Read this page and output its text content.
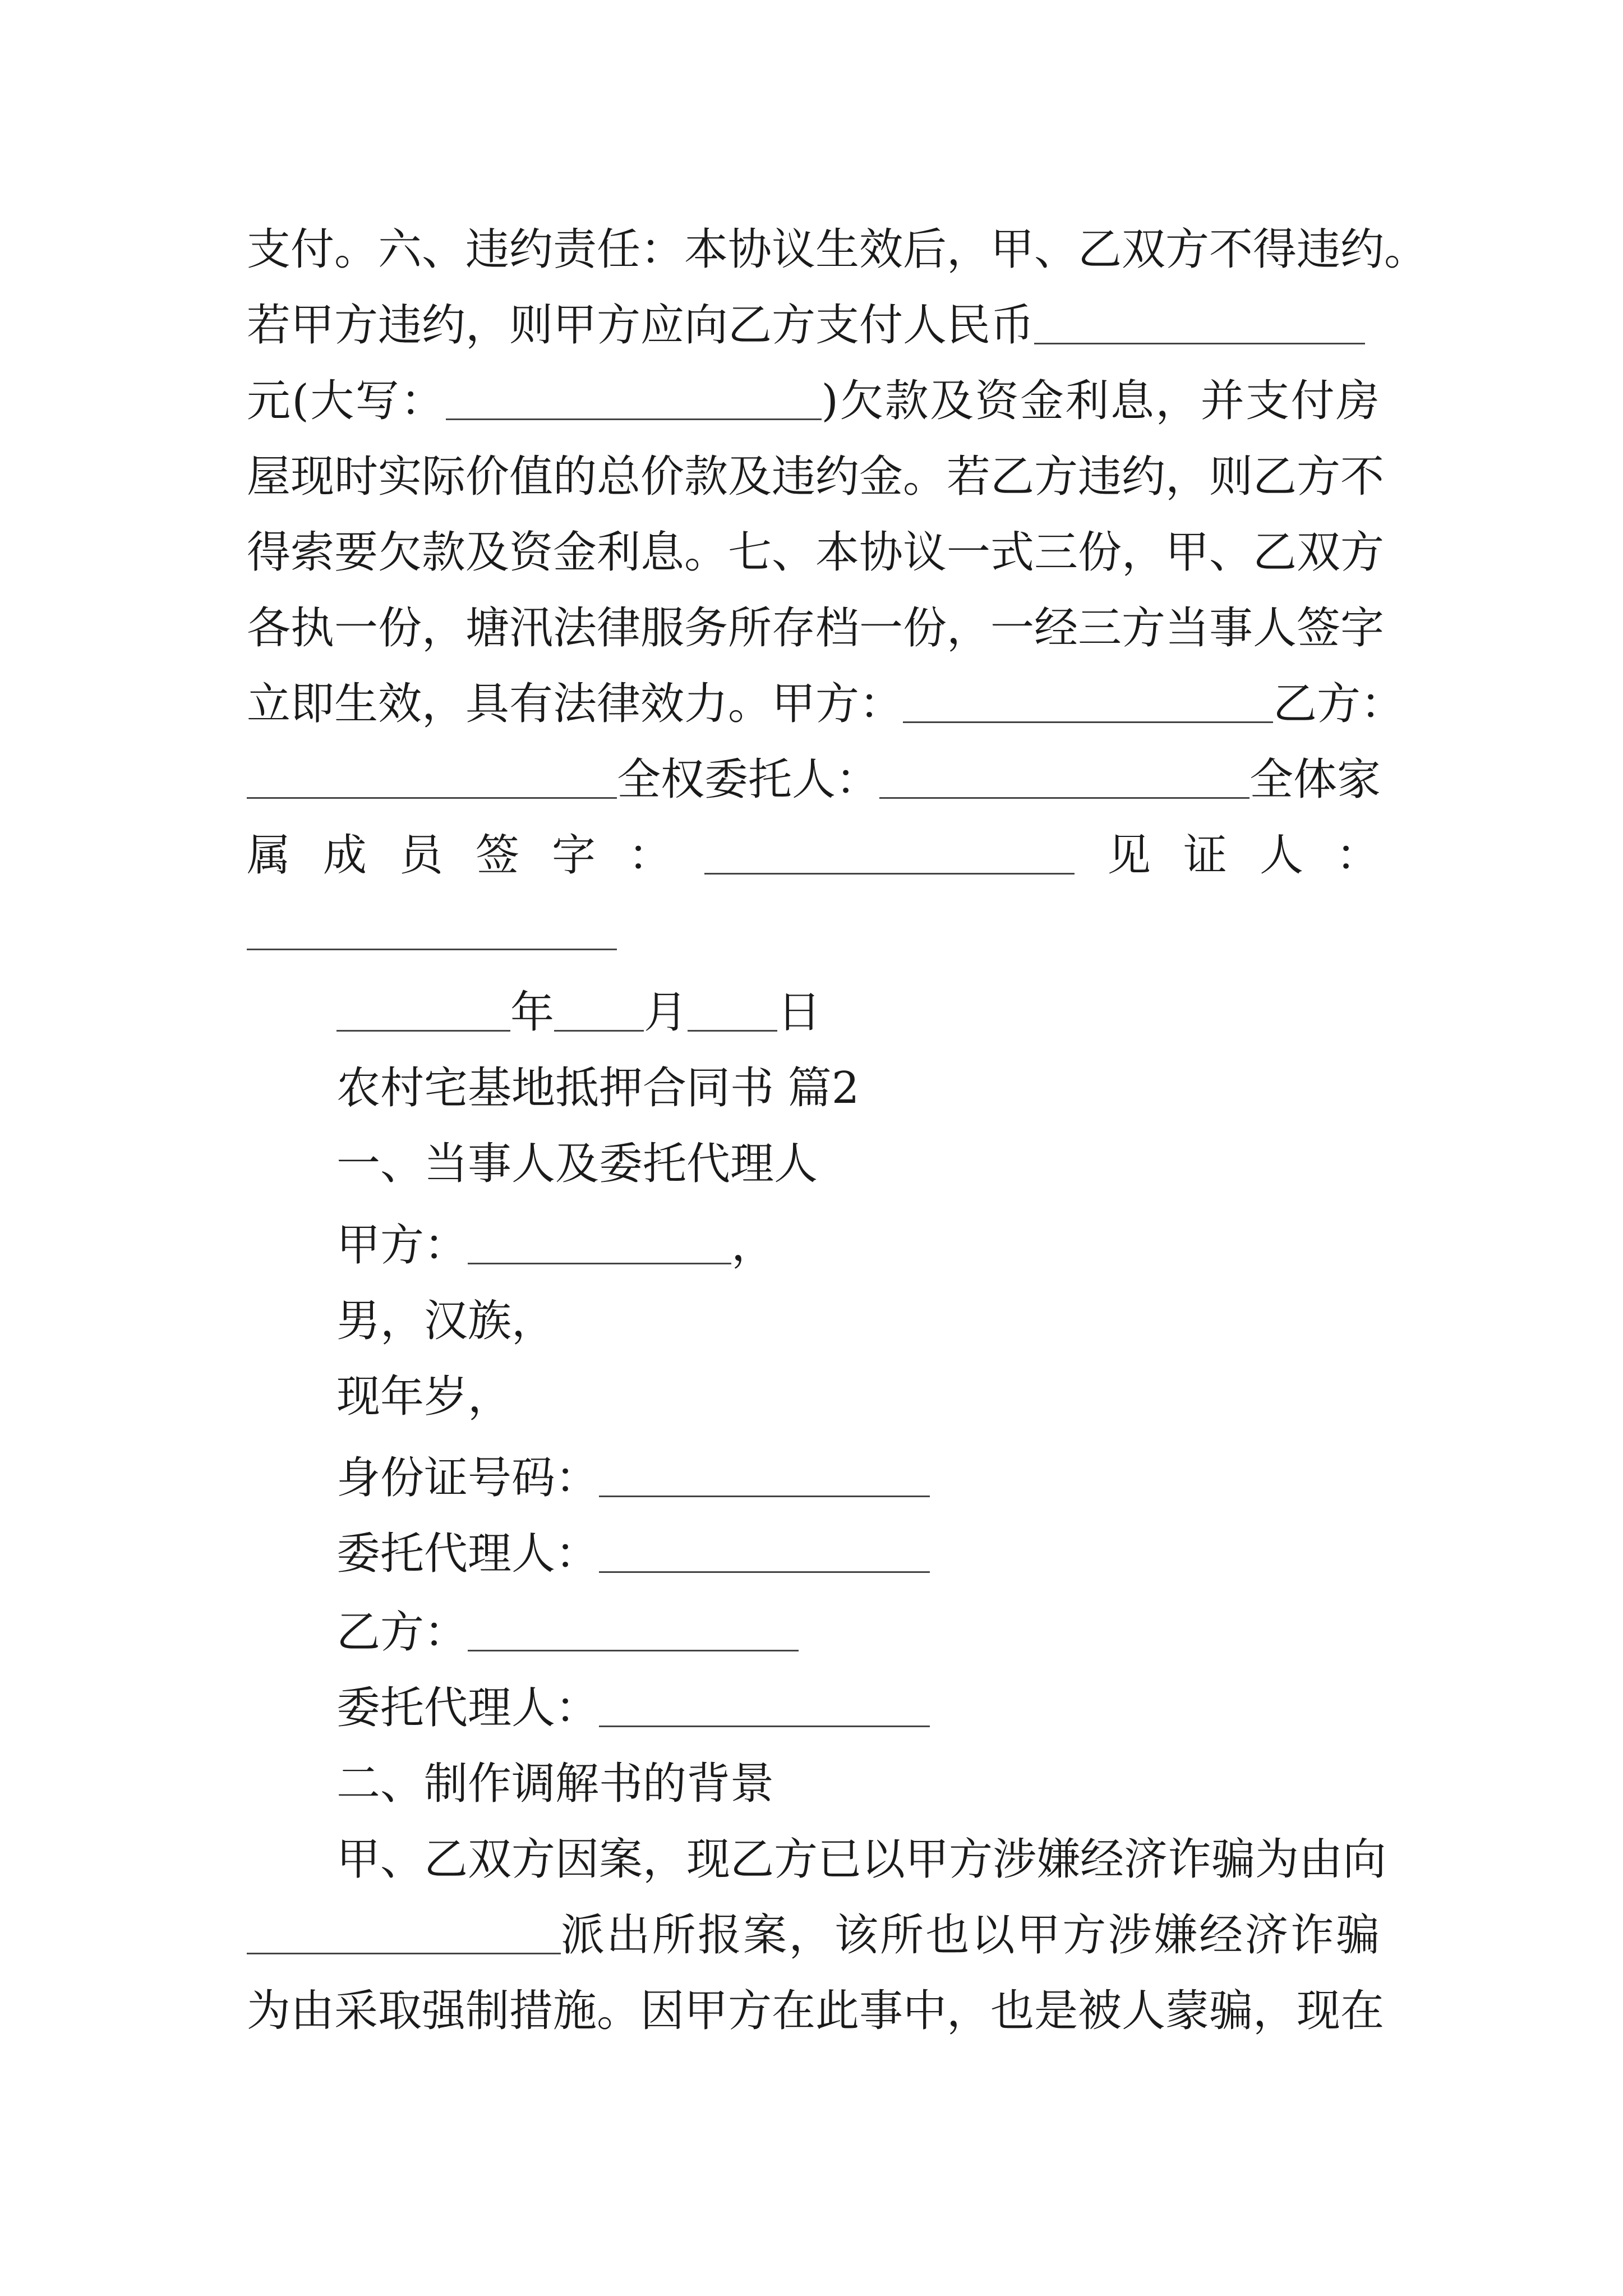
支付。六、违约责任：本协议生效后，甲、乙双方不得违约。
若甲方违约，则甲方应向乙方支付人民币
元(大写：	)欠款及资金利息，并支付房
屋现时实际价值的总价款及违约金。若乙方违约，则乙方不
得索要欠款及资金利息。七、本协议一式三份，甲、乙双方
各执一份，塘汛法律服务所存档一份，一经三方当事人签字
立即生效，具有法律效力。甲方：	乙方：
全权委托人：	全体家
属 成 员 签 字 ：	见 证 人 ：
年 月 日
农村宅基地抵押合同书 篇2
一、当事人及委托代理人
甲方：	，
男，汉族，
现年岁，
身份证号码：
委托代理人：
乙方：
委托代理人：
二、制作调解书的背景
甲、乙双方因案，现乙方已以甲方涉嫌经济诈骗为由向
派出所报案，该所也以甲方涉嫌经济诈骗
为由采取强制措施。因甲方在此事中，也是被人蒙骗，现在
